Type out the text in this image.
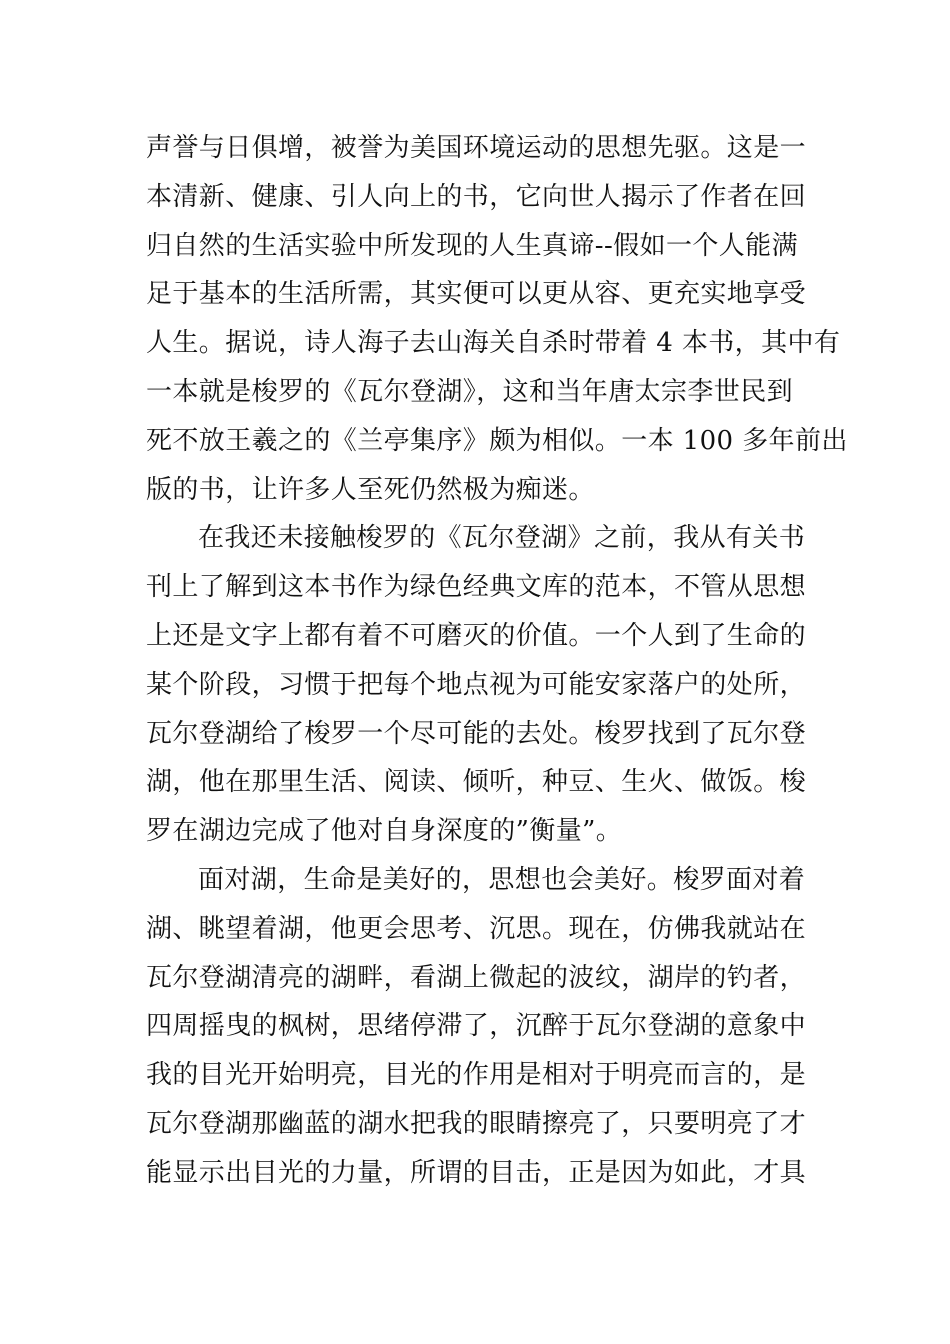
声誉与日俱增，被誉为美国环境运动的思想先驱。这是一
本清新、健康、引人向上的书，它向世人揭示了作者在回
归自然的生活实验中所发现的人生真谛--假如一个人能满
足于基本的生活所需，其实便可以更从容、更充实地享受
人生。据说，诗人海子去山海关自杀时带着 4 本书，其中有
一本就是梭罗的《瓦尔登湖》，这和当年唐太宗李世民到
死不放王羲之的《兰亭集序》颇为相似。一本 100 多年前出
版的书，让许多人至死仍然极为痴迷。
在我还未接触梭罗的《瓦尔登湖》之前，我从有关书
刊上了解到这本书作为绿色经典文库的范本，不管从思想
上还是文字上都有着不可磨灭的价值。一个人到了生命的
某个阶段，习惯于把每个地点视为可能安家落户的处所，
瓦尔登湖给了梭罗一个尽可能的去处。梭罗找到了瓦尔登
湖，他在那里生活、阅读、倾听，种豆、生火、做饭。梭
罗在湖边完成了他对自身深度的”衡量”。
面对湖，生命是美好的，思想也会美好。梭罗面对着
湖、眺望着湖，他更会思考、沉思。现在，仿佛我就站在
瓦尔登湖清亮的湖畔，看湖上微起的波纹，湖岸的钓者，
四周摇曳的枫树，思绪停滞了，沉醉于瓦尔登湖的意象中
我的目光开始明亮，目光的作用是相对于明亮而言的，是
瓦尔登湖那幽蓝的湖水把我的眼睛擦亮了，只要明亮了才
能显示出目光的力量，所谓的目击，正是因为如此，才具
